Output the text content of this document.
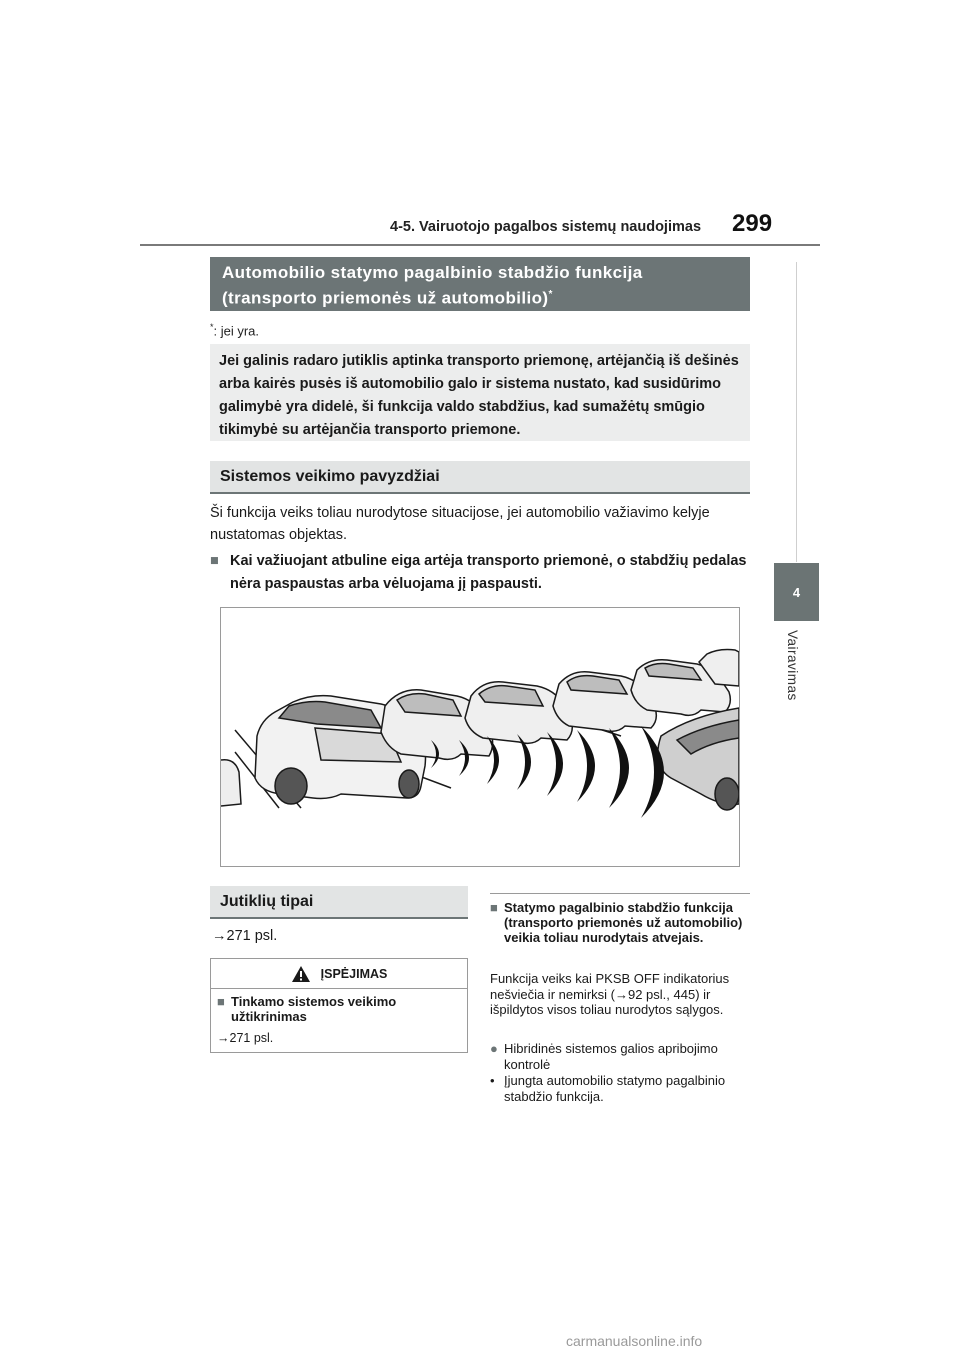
4-5. Vairuotojo pagalbos sistemų naudojimas 299
4
Vairavimas
Automobilio statymo pagalbinio stabdžio funkcija
(transporto priemonės už automobilio)*
*: jei yra.
Jei galinis radaro jutiklis aptinka transporto priemonę, artėjančią iš dešinės arba kairės pusės iš automobilio galo ir sistema nustato, kad susidūrimo galimybė yra didelė, ši funkcija valdo stabdžius, kad sumažėtų smūgio tikimybė su artėjančia transporto priemone.
Sistemos veikimo pavyzdžiai
Ši funkcija veiks toliau nurodytose situacijose, jei automobilio važiavimo kelyje nustatomas objektas.
■ Kai važiuojant atbuline eiga artėja transporto priemonė, o stabdžių pedalas nėra paspaustas arba vėluojama jį paspausti.
Jutiklių tipai
→271 psl.
ĮSPĖJIMAS
■ Tinkamo sistemos veikimo užtikrinimas
→271 psl.
■ Statymo pagalbinio stabdžio funkcija (transporto priemonės už automobilio) veikia toliau nurodytais atvejais.
Funkcija veiks kai PKSB OFF indikatorius nešviečia ir nemirksi (→92 psl., 445) ir išpildytos visos toliau nurodytos sąlygos.
● Hibridinės sistemos galios apribojimo kontrolė
• Įjungta automobilio statymo pagalbinio stabdžio funkcija.
carmanualsonline.info
